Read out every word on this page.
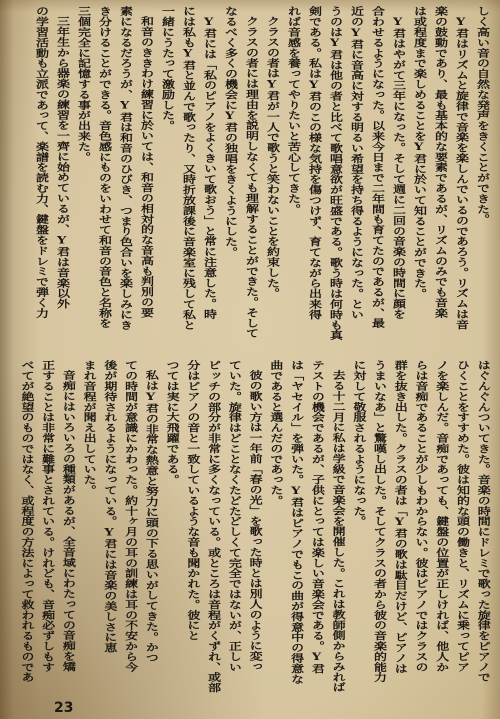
しく高い音の自然な発声をきくことができた。
Y君はリズムと旋律で音楽を楽しんでいるのであろう。リズムは音
楽の鼓動であり、最も基本的な要素であるが、リズムのみでも音楽
は或程度まで楽しめることをY君に於いて知ることができた。
Y君はやがて三年になった。そして週に二回の音楽の時間に顔を
合わせるようになった。以来今日まで二年間も育てたのであるが、最
近のY君に音高に対する明るい希望を持ち得るようになった。とい
うのはY君は他の者と比べて歌唱意欲が旺盛である。歌う時は何時も真
剣である。私はY君のこの様な気持を傷つけず、育てながら出来得
れば音感を養ってやりたいと苦心してきた。
クラスの者はY君が一人で歌うと笑わないことを約束した。
クラスの者には理由を説明しなくても理解することができた。そして
なるべく多くの機会にY君の独唱をきくようにした。
Y君には「私のピアノをよくきいて歌おう」と常に注意した。時
には私もY君と並んで歌ったり、又時折放課後に音楽室に残して私と
一緒にうたって激励した。
和音のききわけ練習に於いては、和音の相対的な音高も判別の要
素になるだろうが、Y君は和音のひびき、つまり色合いを楽しみにき
き分けることができる。音色感にものをいわせて和音の音色と名称を
三個完全に記憶する事が出来た。
三年生から器楽の練習を一齊に始めているが、Y君は音楽以外
の学習活動も立派であって、楽譜を読む力、鍵盤をドレミで弾く力
はぐんぐんついてきた。音楽の時間にドレミで歌った旋律をピアノで
ひくことをすすめた。彼は知的な頭の働きと、リズムに乗ってピア
ノを楽しんだ。音痴であっても、鍵盤の位置が正しければ、他人か
らは音痴であることが少しもわからない。彼はピアノではクラスの
群を抜き出した。クラスの者は「Y君の歌は駄目だけど、ピアノは
うまいなあ」と驚嘆し出した。そしてクラスの者から彼の音楽的能力
に対して敬服されるようになった。
去る十二月に私は学級で音楽会を開催した。これは教師側からみれば
テストの機会であるが、子供にとっては楽しい音楽会である。Y君
は「ヤセイル」を弾いた。Y君はピアノでもこの曲が得意中の得意な
曲であると選んだのであった。
彼の歌い方は一年前「春の光」を歌った時とは別人のように変っ
ていた。旋律はどことなくたどたどしくて完全ではないが、正しい
ピッチの部分が非常に多くなっている。或ところは音程がくずれ、或部
分はピアノの音と一致しているような音も聞かれた。彼にと
つては実に大飛躍である。
私はY君の非常な熱意と努力に頭の下る思いがしてきた。かつ
ての時間が意識にかわった。約十ヶ月の耳の訓練は耳の不安から今
後が期待されるようになっている。Y君には音楽の美しさに恵
まれ音程が聞え出していた。
音痴にはいろいろの種類があるが、全音域にわたっての音痴を矯
正することは非常に難事とされている。けれども、音痴必ずしもす
べてが絶望のものではなく、或程度の方法によって救われるものであ
23
